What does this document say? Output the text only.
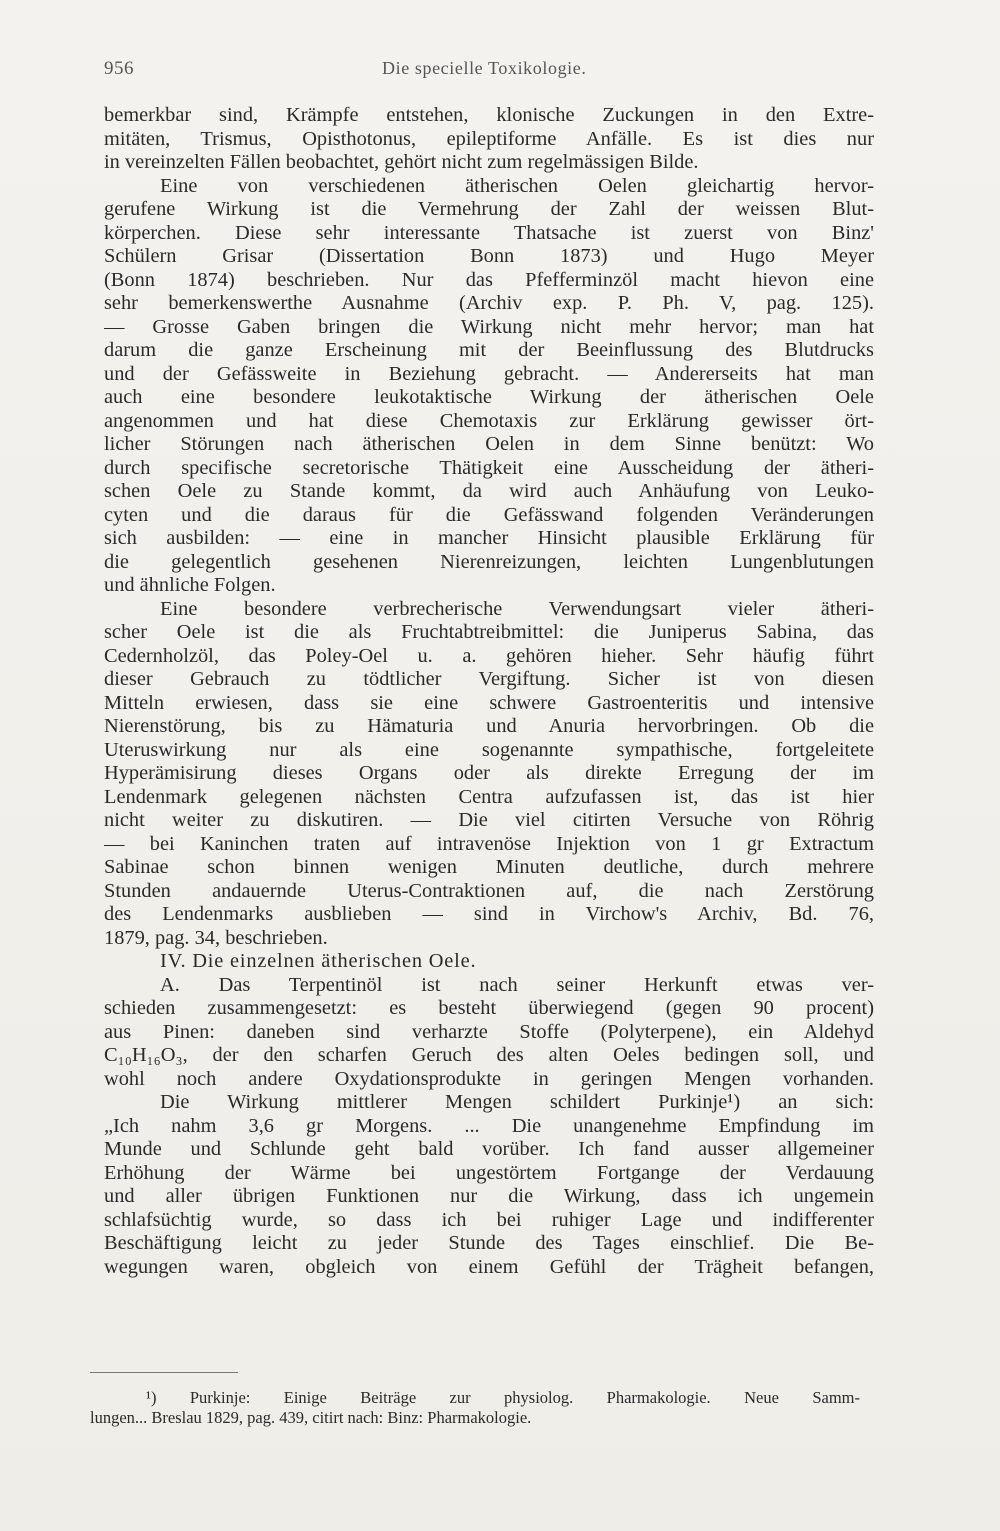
956	Die specielle Toxikologie.
bemerkbar sind, Krämpfe entstehen, klonische Zuckungen in den Extre-
mitäten, Trismus, Opisthotonus, epileptiforme Anfälle. Es ist dies nur
in vereinzelten Fällen beobachtet, gehört nicht zum regelmässigen Bilde.
Eine von verschiedenen ätherischen Oelen gleichartig hervor-
gerufene Wirkung ist die Vermehrung der Zahl der weissen Blut-
körperchen. Diese sehr interessante Thatsache ist zuerst von Binz'
Schülern Grisar (Dissertation Bonn 1873) und Hugo Meyer
(Bonn 1874) beschrieben. Nur das Pfefferminzöl macht hievon eine
sehr bemerkenswerthe Ausnahme (Archiv exp. P. Ph. V, pag. 125).
— Grosse Gaben bringen die Wirkung nicht mehr hervor; man hat
darum die ganze Erscheinung mit der Beeinflussung des Blutdrucks
und der Gefässweite in Beziehung gebracht. — Andererseits hat man
auch eine besondere leukotaktische Wirkung der ätherischen Oele
angenommen und hat diese Chemotaxis zur Erklärung gewisser ört-
licher Störungen nach ätherischen Oelen in dem Sinne benützt: Wo
durch specifische secretorische Thätigkeit eine Ausscheidung der ätheri-
schen Oele zu Stande kommt, da wird auch Anhäufung von Leuko-
cyten und die daraus für die Gefässwand folgenden Veränderungen
sich ausbilden: — eine in mancher Hinsicht plausible Erklärung für
die gelegentlich gesehenen Nierenreizungen, leichten Lungenblutungen
und ähnliche Folgen.
Eine besondere verbrecherische Verwendungsart vieler ätheri-
scher Oele ist die als Fruchtabtreibmittel: die Juniperus Sabina, das
Cedernholzöl, das Poley-Oel u. a. gehören hieher. Sehr häufig führt
dieser Gebrauch zu tödtlicher Vergiftung. Sicher ist von diesen
Mitteln erwiesen, dass sie eine schwere Gastroenteritis und intensive
Nierenstörung, bis zu Hämaturia und Anuria hervorbringen. Ob die
Uteruswirkung nur als eine sogenannte sympathische, fortgeleitete
Hyperämisirung dieses Organs oder als direkte Erregung der im
Lendenmark gelegenen nächsten Centra aufzufassen ist, das ist hier
nicht weiter zu diskutiren. — Die viel citirten Versuche von Röhrig
— bei Kaninchen traten auf intravenöse Injektion von 1 gr Extractum
Sabinae schon binnen wenigen Minuten deutliche, durch mehrere
Stunden andauernde Uterus-Contraktionen auf, die nach Zerstörung
des Lendenmarks ausblieben — sind in Virchow's Archiv, Bd. 76,
1879, pag. 34, beschrieben.
IV. Die einzelnen ätherischen Oele.
A. Das Terpentinöl ist nach seiner Herkunft etwas ver-
schieden zusammengesetzt: es besteht überwiegend (gegen 90 procent)
aus Pinen: daneben sind verharzte Stoffe (Polyterpene), ein Aldehyd
C₁₀H₁₆O₃, der den scharfen Geruch des alten Oeles bedingen soll, und
wohl noch andere Oxydationsprodukte in geringen Mengen vorhanden.
Die Wirkung mittlerer Mengen schildert Purkinje¹) an sich:
„Ich nahm 3,6 gr Morgens. ... Die unangenehme Empfindung im
Munde und Schlunde geht bald vorüber. Ich fand ausser allgemeiner
Erhöhung der Wärme bei ungestörtem Fortgange der Verdauung
und aller übrigen Funktionen nur die Wirkung, dass ich ungemein
schlafsüchtig wurde, so dass ich bei ruhiger Lage und indifferenter
Beschäftigung leicht zu jeder Stunde des Tages einschlief. Die Be-
wegungen waren, obgleich von einem Gefühl der Trägheit befangen,
¹) Purkinje: Einige Beiträge zur physiolog. Pharmakologie. Neue Samm-
lungen... Breslau 1829, pag. 439, citirt nach: Binz: Pharmakologie.
